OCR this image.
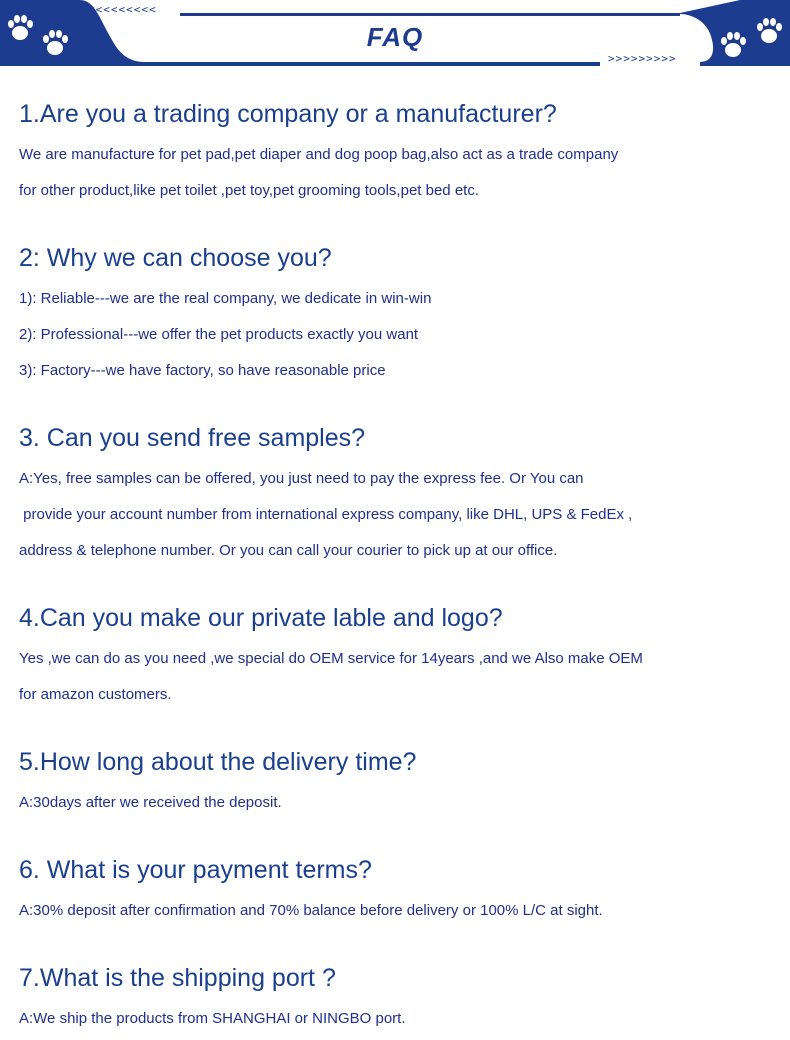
<<<<<<<<<
>>>>>>>>>
FAQ
1.Are you a trading company or a manufacturer?

We are manufacture for pet pad,pet diaper and dog poop bag,also act as a trade company

for other product,like pet toilet ,pet toy,pet grooming tools,pet bed etc.

2: Why we can choose you?

1): Reliable---we are the real company, we dedicate in win-win

2): Professional---we offer the pet products exactly you want

3): Factory---we have factory, so have reasonable price

3. Can you send free samples?

A:Yes, free samples can be offered, you just need to pay the express fee. Or You can

provide your account number from international express company, like DHL, UPS & FedEx ,

address & telephone number. Or you can call your courier to pick up at our office.

4.Can you make our private lable and logo?

Yes ,we can do as you need ,we special do OEM service for 14years ,and we Also make OEM

for amazon customers.

5.How long about the delivery time?

A:30days after we received the deposit.

6. What is your payment terms?

A:30% deposit after confirmation and 70% balance before delivery or 100% L/C at sight.

7.What is the shipping port ?

A:We ship the products from SHANGHAI or NINGBO port.
